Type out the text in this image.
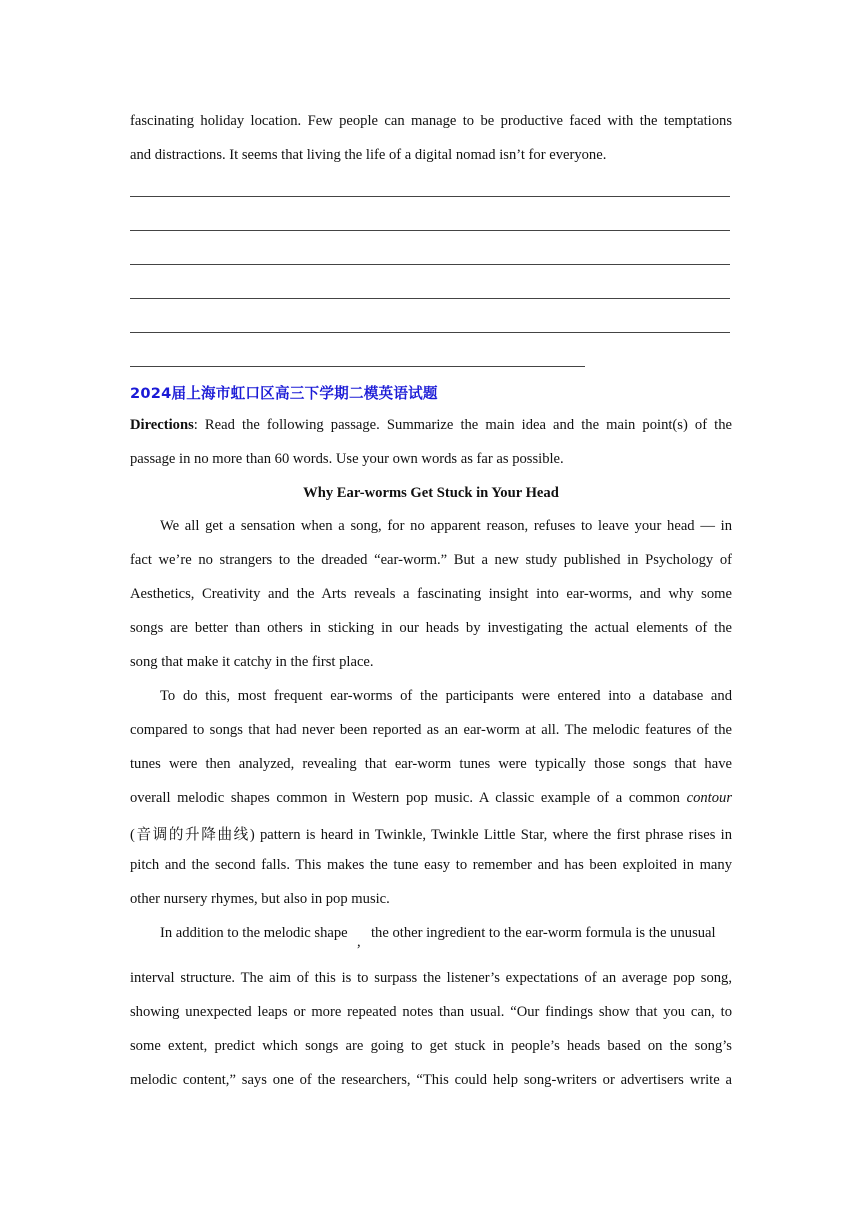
fascinating holiday location. Few people can manage to be productive faced with the temptations
and distractions. It seems that living the life of a digital nomad isn’t for everyone.
2024届上海市虹口区高三下学期二模英语试题
Directions: Read the following passage. Summarize the main idea and the main point(s) of the
passage in no more than 60 words. Use your own words as far as possible.
Why Ear-worms Get Stuck in Your Head
We all get a sensation when a song, for no apparent reason, refuses to leave your head — in
fact we’re no strangers to the dreaded “ear-worm.” But a new study published in Psychology of
Aesthetics, Creativity and the Arts reveals a fascinating insight into ear-worms, and why some
songs are better than others in sticking in our heads by investigating the actual elements of the
song that make it catchy in the first place.
To do this, most frequent ear-worms of the participants were entered into a database and
compared to songs that had never been reported as an ear-worm at all. The melodic features of the
tunes were then analyzed, revealing that ear-worm tunes were typically those songs that have
overall melodic shapes common in Western pop music. A classic example of a common contour
(音调的升降曲线) pattern is heard in Twinkle, Twinkle Little Star, where the first phrase rises in
pitch and the second falls. This makes the tune easy to remember and has been exploited in many
other nursery rhymes, but also in pop music.
In addition to the melodic shape
,
the other ingredient to the ear-worm formula is the unusual
interval structure. The aim of this is to surpass the listener’s expectations of an average pop song,
showing unexpected leaps or more repeated notes than usual. “Our findings show that you can, to
some extent, predict which songs are going to get stuck in people’s heads based on the song’s
melodic content,” says one of the researchers, “This could help song-writers or advertisers write a
